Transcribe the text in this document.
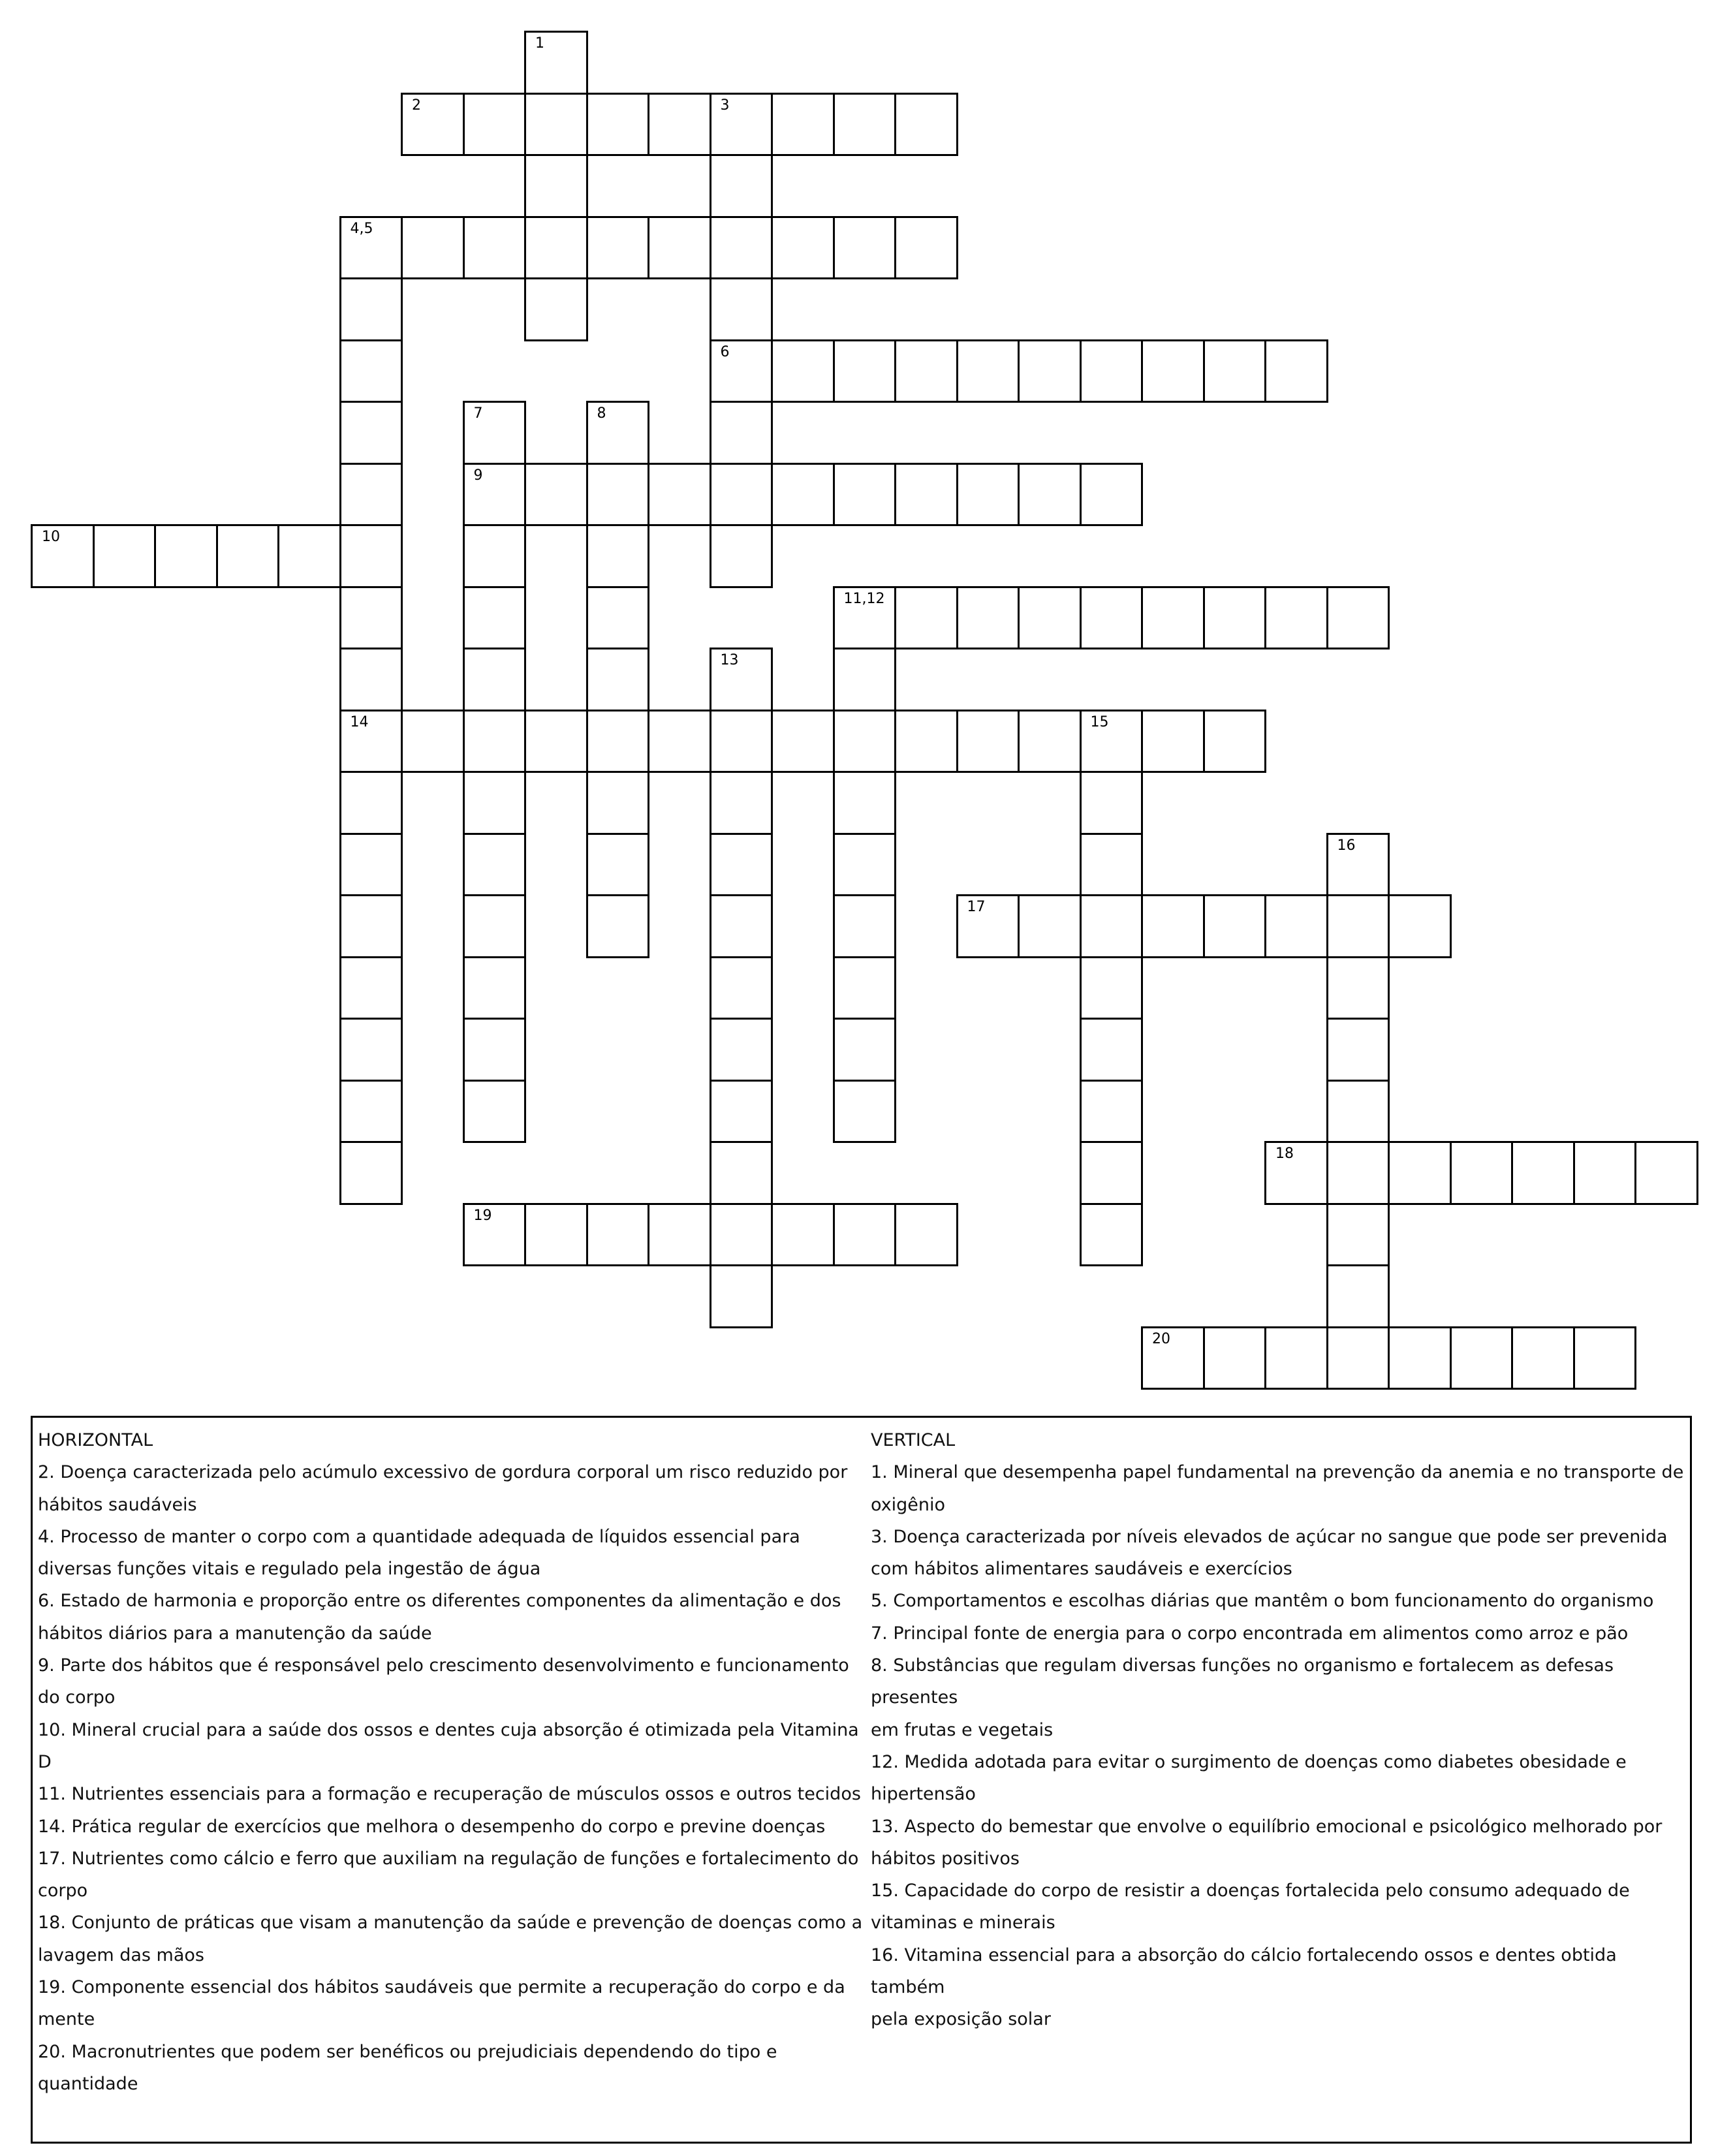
1
2	3
4,5
6
7	8
9
10
11,12
13
14	15
16
17
18
19
20

HORIZONTAL

2. Doença caracterizada pelo acúmulo excessivo de gordura corporal um risco reduzido por

hábitos saudáveis

4. Processo de manter o corpo com a quantidade adequada de líquidos essencial para

diversas funções vitais e regulado pela ingestão de água

6. Estado de harmonia e proporção entre os diferentes componentes da alimentação e dos

hábitos diários para a manutenção da saúde

9. Parte dos hábitos que é responsável pelo crescimento desenvolvimento e funcionamento

do corpo

10. Mineral crucial para a saúde dos ossos e dentes cuja absorção é otimizada pela Vitamina

D

11. Nutrientes essenciais para a formação e recuperação de músculos ossos e outros tecidos

14. Prática regular de exercícios que melhora o desempenho do corpo e previne doenças

17. Nutrientes como cálcio e ferro que auxiliam na regulação de funções e fortalecimento do

corpo

18. Conjunto de práticas que visam a manutenção da saúde e prevenção de doenças como a

lavagem das mãos

19. Componente essencial dos hábitos saudáveis que permite a recuperação do corpo e da

mente

20. Macronutrientes que podem ser benéficos ou prejudiciais dependendo do tipo e

quantidade

VERTICAL

1. Mineral que desempenha papel fundamental na prevenção da anemia e no transporte de

oxigênio

3. Doença caracterizada por níveis elevados de açúcar no sangue que pode ser prevenida

com hábitos alimentares saudáveis e exercícios

5. Comportamentos e escolhas diárias que mantêm o bom funcionamento do organismo

7. Principal fonte de energia para o corpo encontrada em alimentos como arroz e pão

8. Substâncias que regulam diversas funções no organismo e fortalecem as defesas presentes

em frutas e vegetais

12. Medida adotada para evitar o surgimento de doenças como diabetes obesidade e

hipertensão

13. Aspecto do bemestar que envolve o equilíbrio emocional e psicológico melhorado por

hábitos positivos

15. Capacidade do corpo de resistir a doenças fortalecida pelo consumo adequado de

vitaminas e minerais

16. Vitamina essencial para a absorção do cálcio fortalecendo ossos e dentes obtida também

pela exposição solar
